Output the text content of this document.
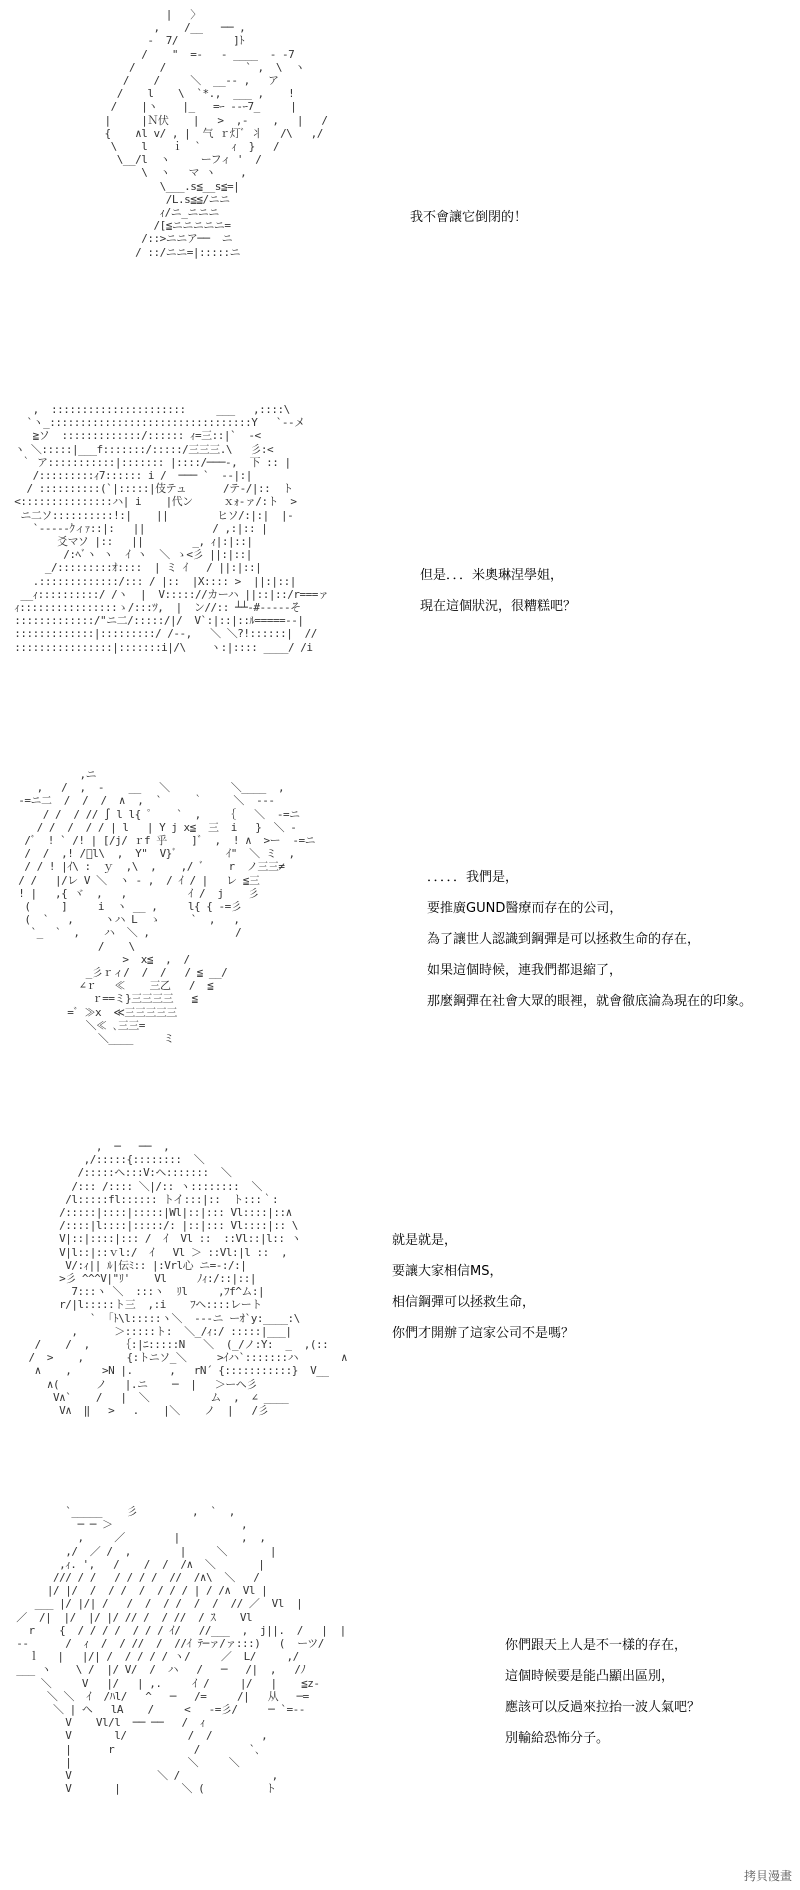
|   〉
,    /__   ── ,
-  7/         ]ﾄ
/    "  =-   - ____  - -7
/    /             ` ,  \  ヽ
/    /     ＼  __-- ,   ア
/    l    \  `*.,  ___ ,    !
/    |ヽ    |_   =ｰ --ｰ7_     |
|     |Ｎ伏    |   >  ,-    ,   |   /
{    ∧l v/ , |  气 ｒ灯ﾞ 丬   /\   ,/
\    l    ｉ  `     ｨ  }   /
\__/l  ヽ     ーフィ '  /
\  ヽ   マ ヽ    ,
\___.s≦__s≦=|
/L.s≦≦/ニニ
ｨ/ニ_ニニニ
/[≦ニニニニニ=
/::>ニニア──  ニ
/ ::/ニニ=|:::::ニ
我不會讓它倒閉的！
,  ::::::::::::::::::::::     ___   ,::::\
`ヽ_:::::::::::::::::::::::::::::::::Y   `--メ
≧ソ  :::::::::::::/:::::: ｨ=三::|`  -<
ヽ ＼:::::|___f:::::::/:::::/三三三.\   彡:<
｀ ア:::::::::::|::::::: |::::/───-,  下 :: |
/:::::::::ｨ7:::::: i /  ─── `  --|:|
/ ::::::::::(`|:::::|伎テュ      /テ-/|::  ト
<:::::::::::::::ハ| i    |代ン     ｘｫ-ァ/:ト  >
ニ二ソ::::::::::!:|    ||        ヒソ/:|:|  |-
`-----ｸィｧ::|:   ||           / ,:|:: |
爻マソ |::   ||        _, ｨ|:|::|
/:ﾍﾞヽ ヽ  ｲ ヽ  ＼ ゝ<彡 ||:|::|
_/:::::::::ｵ::::  | ミ ｲ   / ||:|::|
.:::::::::::::/::: / |::  |X:::: >  ||:|::|
__ｨ::::::::::/ /ヽ  |  V::::://カーハ ||::|::/r===ァ
ｨ::::::::::::::::ゝ/:::ﾂ,  |  ン//:: ┴┴-#-----そ
:::::::::::::/"ニ二/:::::/|/  V`:|::|::ﾙ=====--|
:::::::::::::|:::::::::/ /--,   ＼ ＼?!::::::|  //
::::::::::::::::|:::::::i|/\    ヽ:|:::: ____/ /i
但是．．．米奧琳涅學姐，
現在這個狀況，很糟糕吧？
,ニ
,   /  ,  -    __   ＼          ＼____  ,
-=ニ二  /  /  /  ∧  ,  `     ｀     ＼  ---
/ /  / // ∫ l l{ ﾟ    `  ,    ｛   ＼  -=ニ
/ /  /  / / | l   | Y j x≦  三  i   }  ＼ -
/ﾞ  ! ` /! | [/j/ ｒf 乎    ]ﾞ  ,  ! ∧  >ー  -=ニ
/  /  ,! /ﾞl\  ,  Y"  V}ﾞ        ｲ"  ＼ ミ  ,
/ / ! |ｲ\ :  ｙ  ,\  ,    ,/ ﾞ    r  ノ三三≠
/ /   |/レ V ＼  ヽ - ,  / ｲ / |   レ ≦三
! |   ,{ ヾ  ,   ,          ｲ /  j    彡
(     ]     i  ヽ __ ,     l{ { -=彡
(  `   ,     ヽハ L  ゝ     `  ,   ,
`_  `  ,    ハ  ＼ ,              /
/    \
>  x≦  ,  /
_彡ｒィ/  /  /   / ≦ __/
∠ｒ   ≪    三乙   /  ≦
ｒ==ミ}三三三三   ≦
=ﾞ ≫x  ≪三三三三三
＼≪ ､三三=
＼____     ミ
．．．．．我們是，
要推廣GUND醫療而存在的公司，
為了讓世人認識到鋼彈是可以拯救生命的存在，
如果這個時候，連我們都退縮了，
那麼鋼彈在社會大眾的眼裡，就會徹底淪為現在的印象。
,  ─   ──  ,
,/:::::{::::::::  ＼
/:::::ヘ:::V:ヘ:::::::  ＼
/::: /:::: ＼|/:: ヽ::::::::  ＼
/l:::::fl:::::: トイ:::|::  ト:::｀:
/:::::|::::|:::::|Wl|::|::: Vl::::|::∧
/::::|l::::|:::::/: |::|::: Vl::::|:: \
V|::|::::|::: /  ｲ  Vl ::  ::Vl::|l:: ヽ
V|l::|::ｖl:/  ｲ   Vl ＞ ::Vl:|l ::  ,
V/:ｨ|| ﾙ|伝ﾐ:: |:Vrl心 ニ=-:/:|
>彡 ^^^V|"ﾘ'    Vl     ﾉｨ:/::|::|
7:::ヽ ＼  :::ヽ  ﾘl     ,ﾌf^ム:|
r/|l:::::ト三  ,:i    ﾌヘ::::レート
`  ｢ﾄ\l:::::ヽ＼  ---ニ ーｵ`y:____:\
,      ＞:::::ト:  ＼_/ｨ:/ :::::|___|
/    /  ,     ｛:|ﾆ:::::N   ＼  (_/ノ:Y:  _  ,(::
/  >    ,       {:トニソ_＼     >ｲハ`:::::::ハ       ∧
∧    ,     >N |.      ,   rN´ {:::::::::::}  V__
∧(      ノ   |.ニ    ─  |   ＞ーヘ彡
V∧`    /   |  ＼          ム  ,  ∠ ____
V∧  ‖   >   .    |＼    ノ  |   /彡
就是就是，
要讓大家相信MS，
相信鋼彈可以拯救生命，
你們才開辦了這家公司不是嗎？
`_____    彡         ,  `  ,
─ ─ ＞                     ,
,     ／        |          ,  ,
,/  ／ /  ,        |     ＼       |
,ｨ. ',   /    /  /  /∧  ＼       |
/// / /   / / / /  //  /∧\  ＼   /
|/ |/  /  / /  /  / / / | / /∧  Vl |
___ |/ |/| /   /  /  / /  /  /  // ／  Vl  |
／  /|  |/  |/ |/ // /  / //  / ｽ    Vl
r    {  / / / /  / / / ｲ/   //___  ,  j||.  /   |  |
--      /  ｨ  /  / //  /  //ｲ ﾃ─ァ/ァ:::)   (  ーツ/
ｌ   |   |/| /  / / / / ヽ/     ／  L/     ,/
___ ヽ    \ /  |/ V/  /  ハ   /   ─   /|  ,   /ﾉ
＼     V   |/   | ,.     ｲ /     |/   |    ≦z-
＼ ＼  ｲ  /ﾊl/   ^   ─   /=     /|   从   ─=
＼ | ヘ   lA    /     <   -=彡/     ─ `=--
V    Vl/l  ── ──   /  ｨ
V       l/          /  /        ,
|      r             /        `､
|                   ＼     ＼
V              ＼ /               ,
V       |          ＼ (          ト
你們跟天上人是不一樣的存在，
這個時候要是能凸顯出區別，
應該可以反過來拉抬一波人氣吧？
別輸給恐怖分子。
拷貝漫畫
